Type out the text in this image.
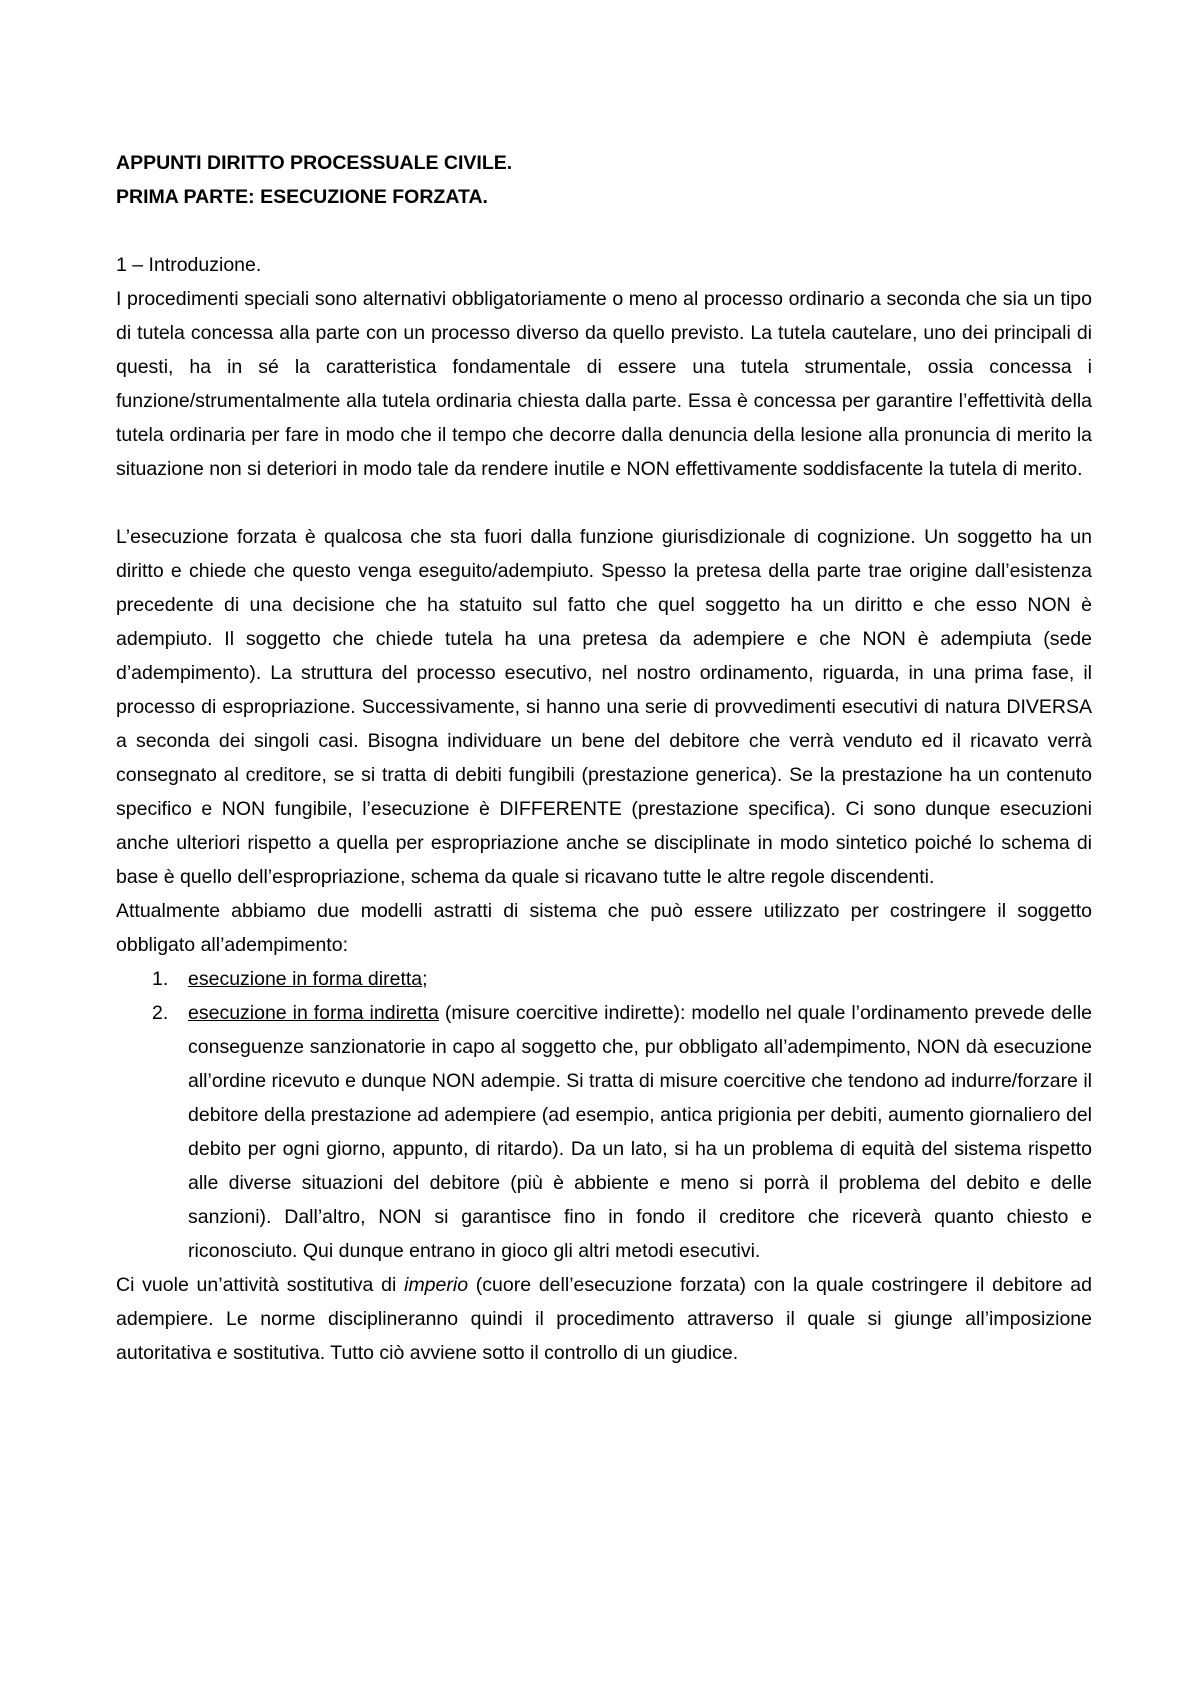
APPUNTI DIRITTO PROCESSUALE CIVILE.

PRIMA PARTE: ESECUZIONE FORZATA.

1 – Introduzione.

I procedimenti speciali sono alternativi obbligatoriamente o meno al processo ordinario a seconda che sia un tipo di tutela concessa alla parte con un processo diverso da quello previsto. La tutela cautelare, uno dei principali di questi, ha in sé la caratteristica fondamentale di essere una tutela strumentale, ossia concessa i funzione/strumentalmente alla tutela ordinaria chiesta dalla parte. Essa è concessa per garantire l’effettività della tutela ordinaria per fare in modo che il tempo che decorre dalla denuncia della lesione alla pronuncia di merito la situazione non si deteriori in modo tale da rendere inutile e NON effettivamente soddisfacente la tutela di merito.

L’esecuzione forzata è qualcosa che sta fuori dalla funzione giurisdizionale di cognizione. Un soggetto ha un diritto e chiede che questo venga eseguito/adempiuto. Spesso la pretesa della parte trae origine dall’esistenza precedente di una decisione che ha statuito sul fatto che quel soggetto ha un diritto e che esso NON è adempiuto. Il soggetto che chiede tutela ha una pretesa da adempiere e che NON è adempiuta (sede d’adempimento). La struttura del processo esecutivo, nel nostro ordinamento, riguarda, in una prima fase, il processo di espropriazione. Successivamente, si hanno una serie di provvedimenti esecutivi di natura DIVERSA a seconda dei singoli casi. Bisogna individuare un bene del debitore che verrà venduto ed il ricavato verrà consegnato al creditore, se si tratta di debiti fungibili (prestazione generica). Se la prestazione ha un contenuto specifico e NON fungibile, l’esecuzione è DIFFERENTE (prestazione specifica). Ci sono dunque esecuzioni anche ulteriori rispetto a quella per espropriazione anche se disciplinate in modo sintetico poiché lo schema di base è quello dell’espropriazione, schema da quale si ricavano tutte le altre regole discendenti.

Attualmente abbiamo due modelli astratti di sistema che può essere utilizzato per costringere il soggetto obbligato all’adempimento:

1. esecuzione in forma diretta;
2. esecuzione in forma indiretta (misure coercitive indirette): modello nel quale l’ordinamento prevede delle conseguenze sanzionatorie in capo al soggetto che, pur obbligato all’adempimento, NON dà esecuzione all’ordine ricevuto e dunque NON adempie. Si tratta di misure coercitive che tendono ad indurre/forzare il debitore della prestazione ad adempiere (ad esempio, antica prigionia per debiti, aumento giornaliero del debito per ogni giorno, appunto, di ritardo). Da un lato, si ha un problema di equità del sistema rispetto alle diverse situazioni del debitore (più è abbiente e meno si porrà il problema del debito e delle sanzioni). Dall’altro, NON si garantisce fino in fondo il creditore che riceverà quanto chiesto e riconosciuto. Qui dunque entrano in gioco gli altri metodi esecutivi.

Ci vuole un’attività sostitutiva di imperio (cuore dell’esecuzione forzata) con la quale costringere il debitore ad adempiere. Le norme disciplineranno quindi il procedimento attraverso il quale si giunge all’imposizione autoritativa e sostitutiva. Tutto ciò avviene sotto il controllo di un giudice.
